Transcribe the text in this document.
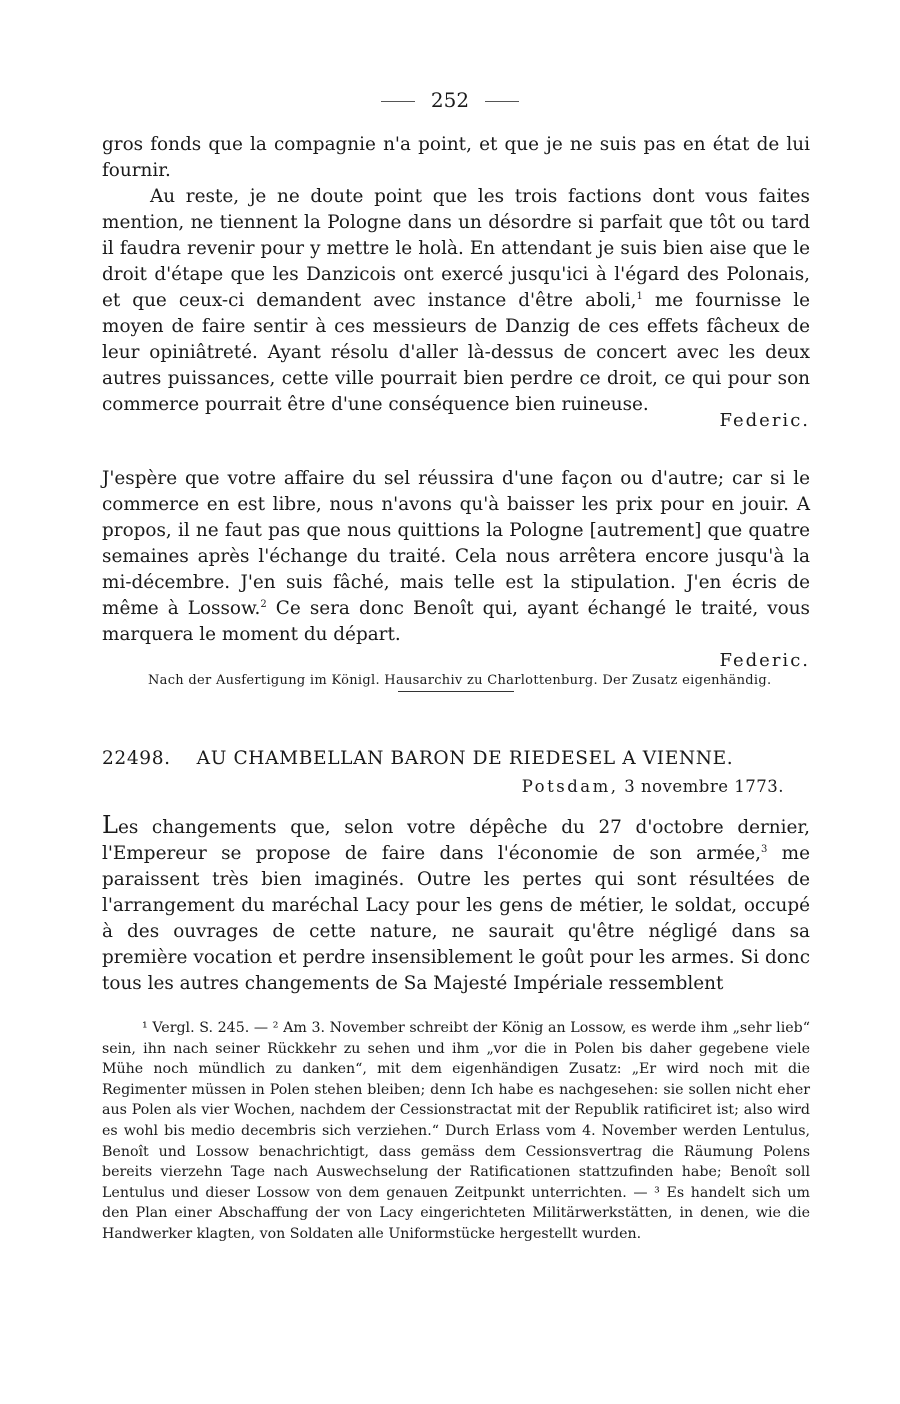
252

gros fonds que la compagnie n'a point, et que je ne suis pas en état de lui fournir.

Au reste, je ne doute point que les trois factions dont vous faites mention, ne tiennent la Pologne dans un désordre si parfait que tôt ou tard il faudra revenir pour y mettre le holà. En attendant je suis bien aise que le droit d'étape que les Danzicois ont exercé jusqu'ici à l'égard des Polonais, et que ceux-ci demandent avec instance d'être aboli,$^1$ me fournisse le moyen de faire sentir à ces messieurs de Danzig de ces effets fâcheux de leur opiniâtreté. Ayant résolu d'aller là-dessus de concert avec les deux autres puissances, cette ville pourrait bien perdre ce droit, ce qui pour son commerce pourrait être d'une conséquence bien ruineuse.

Federic.

J'espère que votre affaire du sel réussira d'une façon ou d'autre; car si le commerce en est libre, nous n'avons qu'à baisser les prix pour en jouir. A propos, il ne faut pas que nous quittions la Pologne [autrement] que quatre semaines après l'échange du traité. Cela nous arrêtera encore jusqu'à la mi-décembre. J'en suis fâché, mais telle est la stipulation. J'en écris de même à Lossow.$^2$ Ce sera donc Benoît qui, ayant échangé le traité, vous marquera le moment du départ.

Federic.

Nach der Ausfertigung im Königl. Hausarchiv zu Charlottenburg. Der Zusatz eigenhändig.

22498. AU CHAMBELLAN BARON DE RIEDESEL A VIENNE.
Potsdam, 3 novembre 1773.

Les changements que, selon votre dépêche du 27 d'octobre dernier, l'Empereur se propose de faire dans l'économie de son armée,$^3$ me paraissent très bien imaginés. Outre les pertes qui sont résultées de l'arrangement du maréchal Lacy pour les gens de métier, le soldat, occupé à des ouvrages de cette nature, ne saurait qu'être négligé dans sa première vocation et perdre insensiblement le goût pour les armes. Si donc tous les autres changements de Sa Majesté Impériale ressemblent

¹ Vergl. S. 245. — ² Am 3. November schreibt der König an Lossow, es werde ihm „sehr lieb“ sein, ihn nach seiner Rückkehr zu sehen und ihm „vor die in Polen bis daher gegebene viele Mühe noch mündlich zu danken“, mit dem eigenhändigen Zusatz: „Er wird noch mit die Regimenter müssen in Polen stehen bleiben; denn Ich habe es nachgesehen: sie sollen nicht eher aus Polen als vier Wochen, nachdem der Cessionstractat mit der Republik ratificiret ist; also wird es wohl bis medio decembris sich verziehen.“ Durch Erlass vom 4. November werden Lentulus, Benoît und Lossow benachrichtigt, dass gemäss dem Cessionsvertrag die Räumung Polens bereits vierzehn Tage nach Auswechselung der Ratificationen stattzufinden habe; Benoît soll Lentulus und dieser Lossow von dem genauen Zeitpunkt unterrichten. — ³ Es handelt sich um den Plan einer Abschaffung der von Lacy eingerichteten Militärwerkstätten, in denen, wie die Handwerker klagten, von Soldaten alle Uniformstücke hergestellt wurden.
